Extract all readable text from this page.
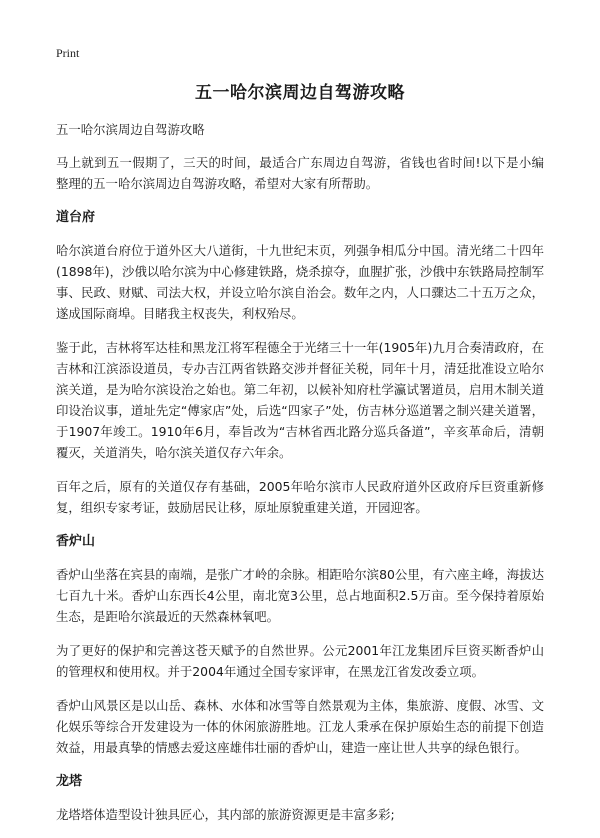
Print
五一哈尔滨周边自驾游攻略
五一哈尔滨周边自驾游攻略

马上就到五一假期了，三天的时间，最适合广东周边自驾游，省钱也省时间!以下是小编整理的五一哈尔滨周边自驾游攻略，希望对大家有所帮助。

道台府

哈尔滨道台府位于道外区大八道街，十九世纪末页，列强争相瓜分中国。清光绪二十四年(1898年)，沙俄以哈尔滨为中心修建铁路，烧杀掠夺，血腥扩张，沙俄中东铁路局控制军事、民政、财赋、司法大权，并设立哈尔滨自治会。数年之内，人口骤达二十五万之众，遂成国际商埠。目睹我主权丧失，利权殆尽。

鉴于此，吉林将军达桂和黑龙江将军程德全于光绪三十一年(1905年)九月合奏清政府，在吉林和江滨添设道员，专办吉江两省铁路交涉并督征关税，同年十月，清廷批准设立哈尔滨关道，是为哈尔滨设治之始也。第二年初，以候补知府杜学瀛试署道员，启用木制关道印设治议事，道址先定“傅家店”处，后选“四家子”处，仿吉林分巡道署之制兴建关道署，于1907年竣工。1910年6月，奉旨改为“吉林省西北路分巡兵备道”，辛亥革命后，清朝覆灭，关道消失，哈尔滨关道仅存六年余。

百年之后，原有的关道仅存有基础，2005年哈尔滨市人民政府道外区政府斥巨资重新修复，组织专家考证，鼓励居民让移，原址原貌重建关道，开园迎客。

香炉山

香炉山坐落在宾县的南端，是张广才岭的余脉。相距哈尔滨80公里，有六座主峰，海拔达七百九十米。香炉山东西长4公里，南北宽3公里，总占地面积2.5万亩。至今保持着原始生态，是距哈尔滨最近的天然森林氧吧。

为了更好的保护和完善这苍天赋予的自然世界。公元2001年江龙集团斥巨资买断香炉山的管理权和使用权。并于2004年通过全国专家评审，在黑龙江省发改委立项。

香炉山风景区是以山岳、森林、水体和冰雪等自然景观为主体，集旅游、度假、冰雪、文化娱乐等综合开发建设为一体的休闲旅游胜地。江龙人秉承在保护原始生态的前提下创造效益，用最真挚的情感去爱这座雄伟壮丽的香炉山，建造一座让世人共享的绿色银行。

龙塔

龙塔塔体造型设计独具匠心，其内部的旅游资源更是丰富多彩;
